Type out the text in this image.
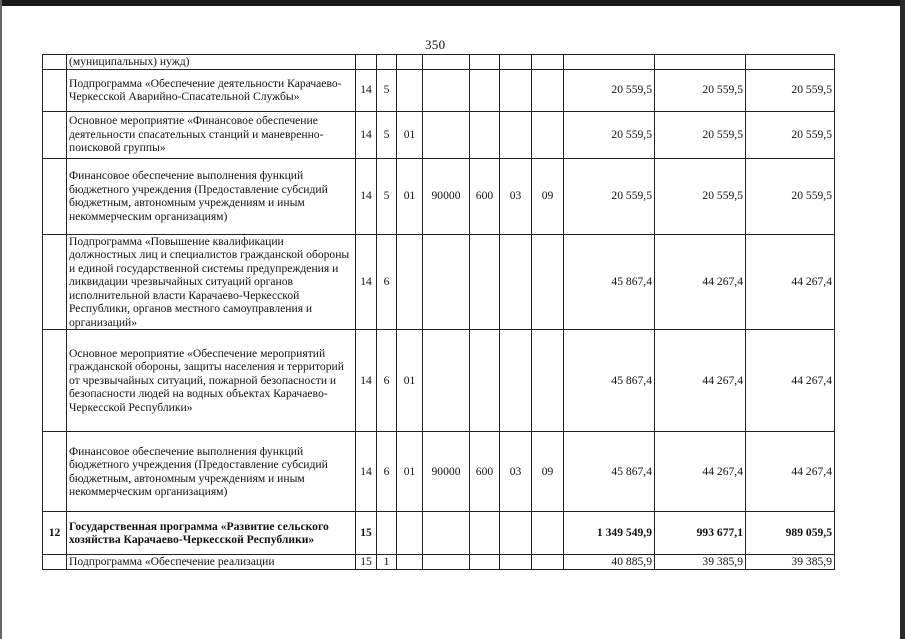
350
	(муниципальных) нужд)										
	Подпрограмма «Обеспечение деятельности Карачаево-Черкесской Аварийно-Спасательной Службы»	14	5						20 559,5	20 559,5	20 559,5
	Основное мероприятие «Финансовое обеспечение деятельности спасательных станций и маневренно-поисковой группы»	14	5	01					20 559,5	20 559,5	20 559,5
	Финансовое обеспечение выполнения функций бюджетного учреждения (Предоставление субсидий бюджетным, автономным учреждениям и иным некоммерческим организациям)	14	5	01	90000	600	03	09	20 559,5	20 559,5	20 559,5
	Подпрограмма «Повышение квалификации должностных лиц и специалистов гражданской обороны и единой государственной системы предупреждения и ликвидации чрезвычайных ситуаций органов исполнительной власти Карачаево-Черкесской Республики, органов местного самоуправления и организаций»	14	6						45 867,4	44 267,4	44 267,4
	Основное мероприятие «Обеспечение мероприятий гражданской обороны, защиты населения и территорий от чрезвычайных ситуаций, пожарной безопасности и безопасности людей на водных объектах Карачаево-Черкесской Республики»	14	6	01					45 867,4	44 267,4	44 267,4
	Финансовое обеспечение выполнения функций бюджетного учреждения (Предоставление субсидий бюджетным, автономным учреждениям и иным некоммерческим организациям)	14	6	01	90000	600	03	09	45 867,4	44 267,4	44 267,4
12	Государственная программа «Развитие сельского хозяйства Карачаево-Черкесской Республики»	15							1 349 549,9	993 677,1	989 059,5
	Подпрограмма «Обеспечение реализации	15	1						40 885,9	39 385,9	39 385,9
